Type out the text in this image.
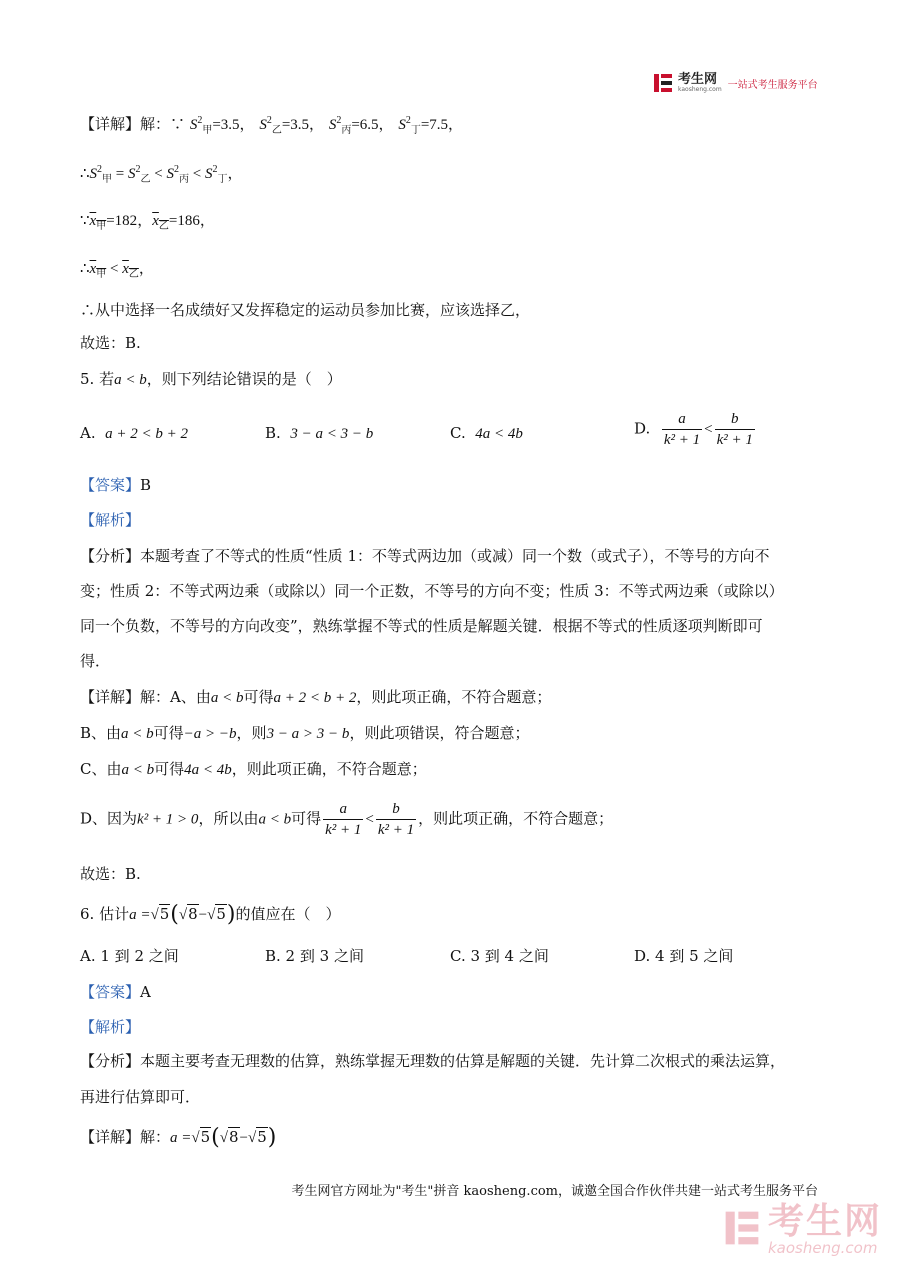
考生网
kaosheng.com 一站式考生服务平台
【详解】解：∵ $S^2_甲=3.5$， $S^2_乙=3.5$， $S^2_丙=6.5$， $S^2_丁=7.5$，
$\therefore S^2_甲 = S^2_乙 < S^2_丙 < S^2_丁$，
$\because x_甲=182$，$x_乙=186$，
$\therefore x_甲 < x_乙$，
∴从中选择一名成绩好又发挥稳定的运动员参加比赛，应该选择乙，
故选：B.
5. 若a < b，则下列结论错误的是（　）
A. a + 2 < b + 2	B. 3 − a < 3 − b	C. 4a < 4b	D. $\frac{a}{\text{k² + 1}} < \frac{b}{\text{k² + 1}}$
【答案】B
【解析】
【分析】本题考查了不等式的性质“性质 1：不等式两边加（或减）同一个数（或式子），不等号的方向不
变；性质 2：不等式两边乘（或除以）同一个正数，不等号的方向不变；性质 3：不等式两边乘（或除以）
同一个负数，不等号的方向改变”，熟练掌握不等式的性质是解题关键．根据不等式的性质逐项判断即可
得．
【详解】解：A、由a < b可得a + 2 < b + 2，则此项正确，不符合题意；
B、由a < b可得−a > −b，则3 − a > 3 − b，则此项错误，符合题意；
C、由a < b可得4a < 4b，则此项正确，不符合题意；
D、因为k² + 1 > 0，所以由a < b可得 $\frac{a}{\text{k² + 1}} < \frac{b}{\text{k² + 1}}$ ，则此项正确，不符合题意；
故选：B.
6. 估计a =√5(√8−√5)的值应在（　）
A. 1 到 2 之间	B. 2 到 3 之间	C. 3 到 4 之间	D. 4 到 5 之间
【答案】A
【解析】
【分析】本题主要考查无理数的估算，熟练掌握无理数的估算是解题的关键．先计算二次根式的乘法运算，
再进行估算即可．
【详解】解：a =√5(√8−√5)
考生网官方网址为"考生"拼音 kaosheng.com，诚邀全国合作伙伴共建一站式考生服务平台
考生网
kaosheng.com
